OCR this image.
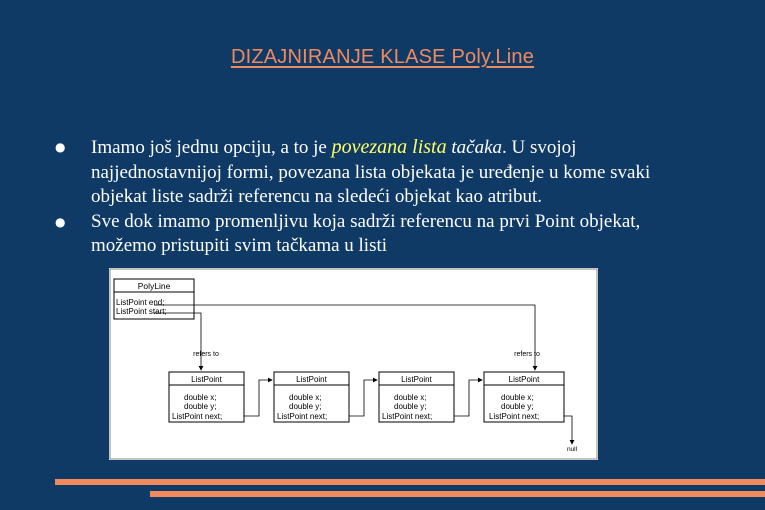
DIZAJNIRANJE KLASE Poly.Line
● Imamo još jednu opciju, a to je povezana lista tačaka. U svojoj najjednostavnijoj formi, povezana lista objekata je uređenje u kome svaki objekat liste sadrži referencu na sledeći objekat kao atribut.
● Sve dok imamo promenljivu koja sadrži referencu na prvi Point objekat, možemo pristupiti svim tačkama u listi
PolyLine
ListPoint end;
ListPoint start;
refers to	refers to
ListPoint
double x;
double y;
ListPoint next;
ListPoint
double x;
double y;
ListPoint next;
ListPoint
double x;
double y;
ListPoint next;
ListPoint
double x;
double y;
ListPoint next;
null
